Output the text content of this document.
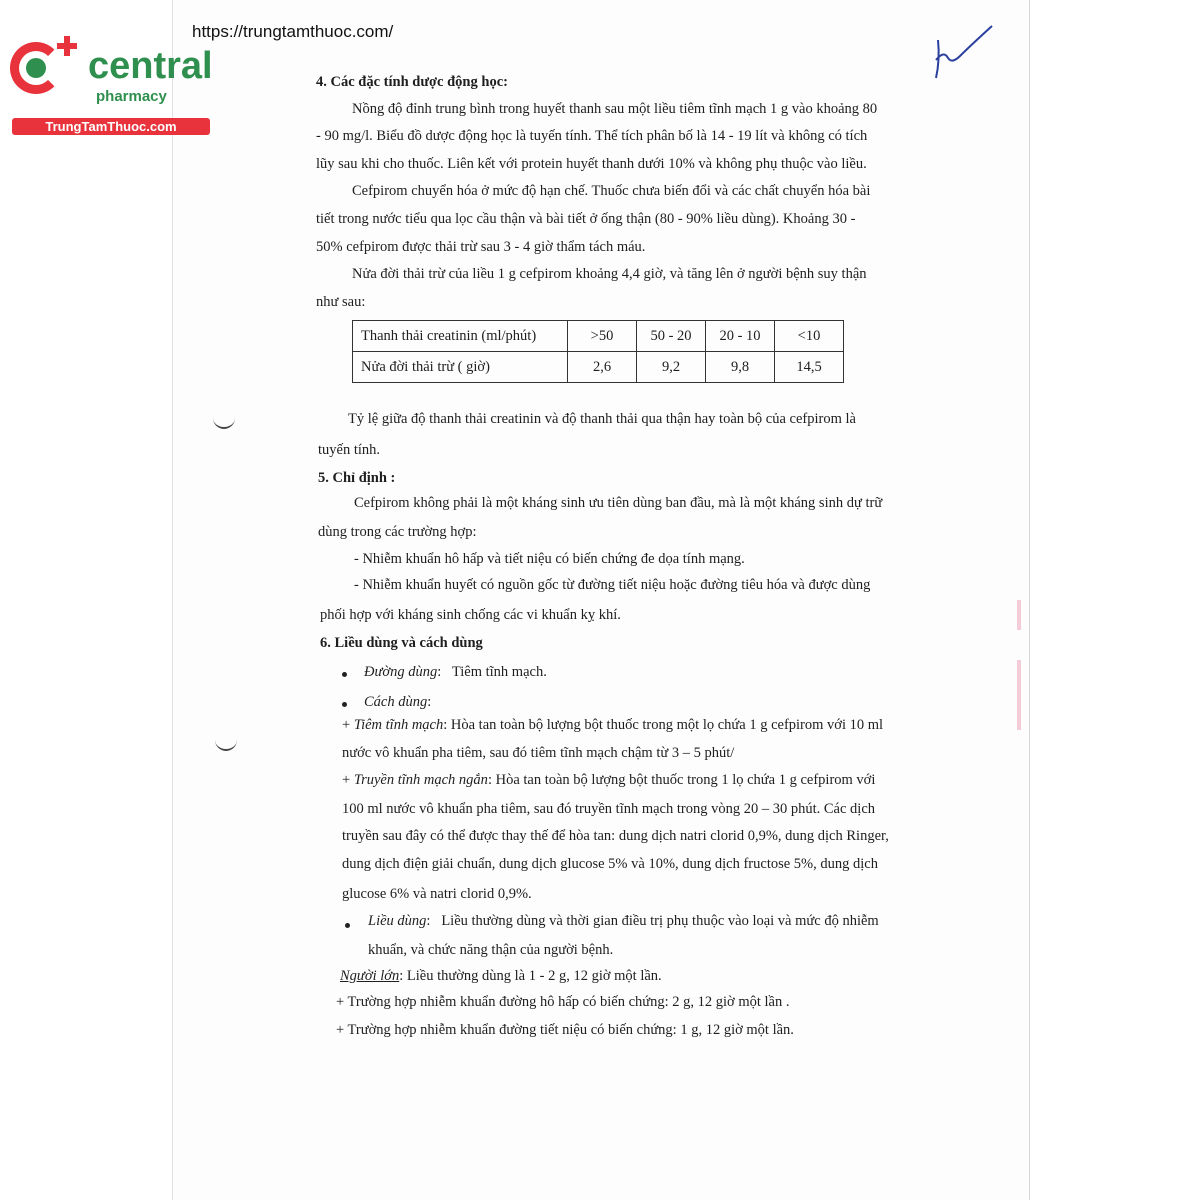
central
pharmacy
TrungTamThuoc.com
https://trungtamthuoc.com/
4. Các đặc tính dược động học:
Nồng độ đỉnh trung bình trong huyết thanh sau một liều tiêm tĩnh mạch 1 g vào khoảng 80
- 90 mg/l. Biểu đồ dược động học là tuyến tính. Thể tích phân bố là 14 - 19 lít và không có tích
lũy sau khi cho thuốc. Liên kết với protein huyết thanh dưới 10% và không phụ thuộc vào liều.
Cefpirom chuyển hóa ở mức độ hạn chế. Thuốc chưa biến đổi và các chất chuyển hóa bài
tiết trong nước tiểu qua lọc cầu thận và bài tiết ở ống thận (80 - 90% liều dùng). Khoảng 30 -
50% cefpirom được thải trừ sau 3 - 4 giờ thẩm tách máu.
Nửa đời thải trừ của liều 1 g cefpirom khoảng 4,4 giờ, và tăng lên ở người bệnh suy thận
như sau:
Thanh thải creatinin (ml/phút)	>50	50 - 20	20 - 10	<10
Nửa đời thải trừ ( giờ)	2,6	9,2	9,8	14,5
Tỷ lệ giữa độ thanh thải creatinin và độ thanh thải qua thận hay toàn bộ của cefpirom là
tuyến tính.
5. Chỉ định :
Cefpirom không phải là một kháng sinh ưu tiên dùng ban đầu, mà là một kháng sinh dự trữ
dùng trong các trường hợp:
- Nhiễm khuẩn hô hấp và tiết niệu có biến chứng đe dọa tính mạng.
- Nhiễm khuẩn huyết có nguồn gốc từ đường tiết niệu hoặc đường tiêu hóa và được dùng
phối hợp với kháng sinh chống các vi khuẩn kỵ khí.
6. Liều dùng và cách dùng
Đường dùng:   Tiêm tĩnh mạch.
Cách dùng:
+ Tiêm tĩnh mạch: Hòa tan toàn bộ lượng bột thuốc trong một lọ chứa 1 g cefpirom với 10 ml
nước vô khuẩn pha tiêm, sau đó tiêm tĩnh mạch chậm từ 3 – 5 phút/
+ Truyền tĩnh mạch ngắn: Hòa tan toàn bộ lượng bột thuốc trong 1 lọ chứa 1 g cefpirom với
100 ml nước vô khuẩn pha tiêm, sau đó truyền tĩnh mạch trong vòng 20 – 30 phút. Các dịch
truyền sau đây có thể được thay thế để hòa tan: dung dịch natri clorid 0,9%, dung dịch Ringer,
dung dịch điện giải chuẩn, dung dịch glucose 5% và 10%, dung dịch fructose 5%, dung dịch
glucose 6% và natri clorid 0,9%.
Liều dùng:   Liều thường dùng và thời gian điều trị phụ thuộc vào loại và mức độ nhiễm
khuẩn, và chức năng thận của người bệnh.
Người lớn: Liều thường dùng là 1 - 2 g, 12 giờ một lần.
+ Trường hợp nhiễm khuẩn đường hô hấp có biến chứng: 2 g, 12 giờ một lần .
+ Trường hợp nhiễm khuẩn đường tiết niệu có biến chứng: 1 g, 12 giờ một lần.
